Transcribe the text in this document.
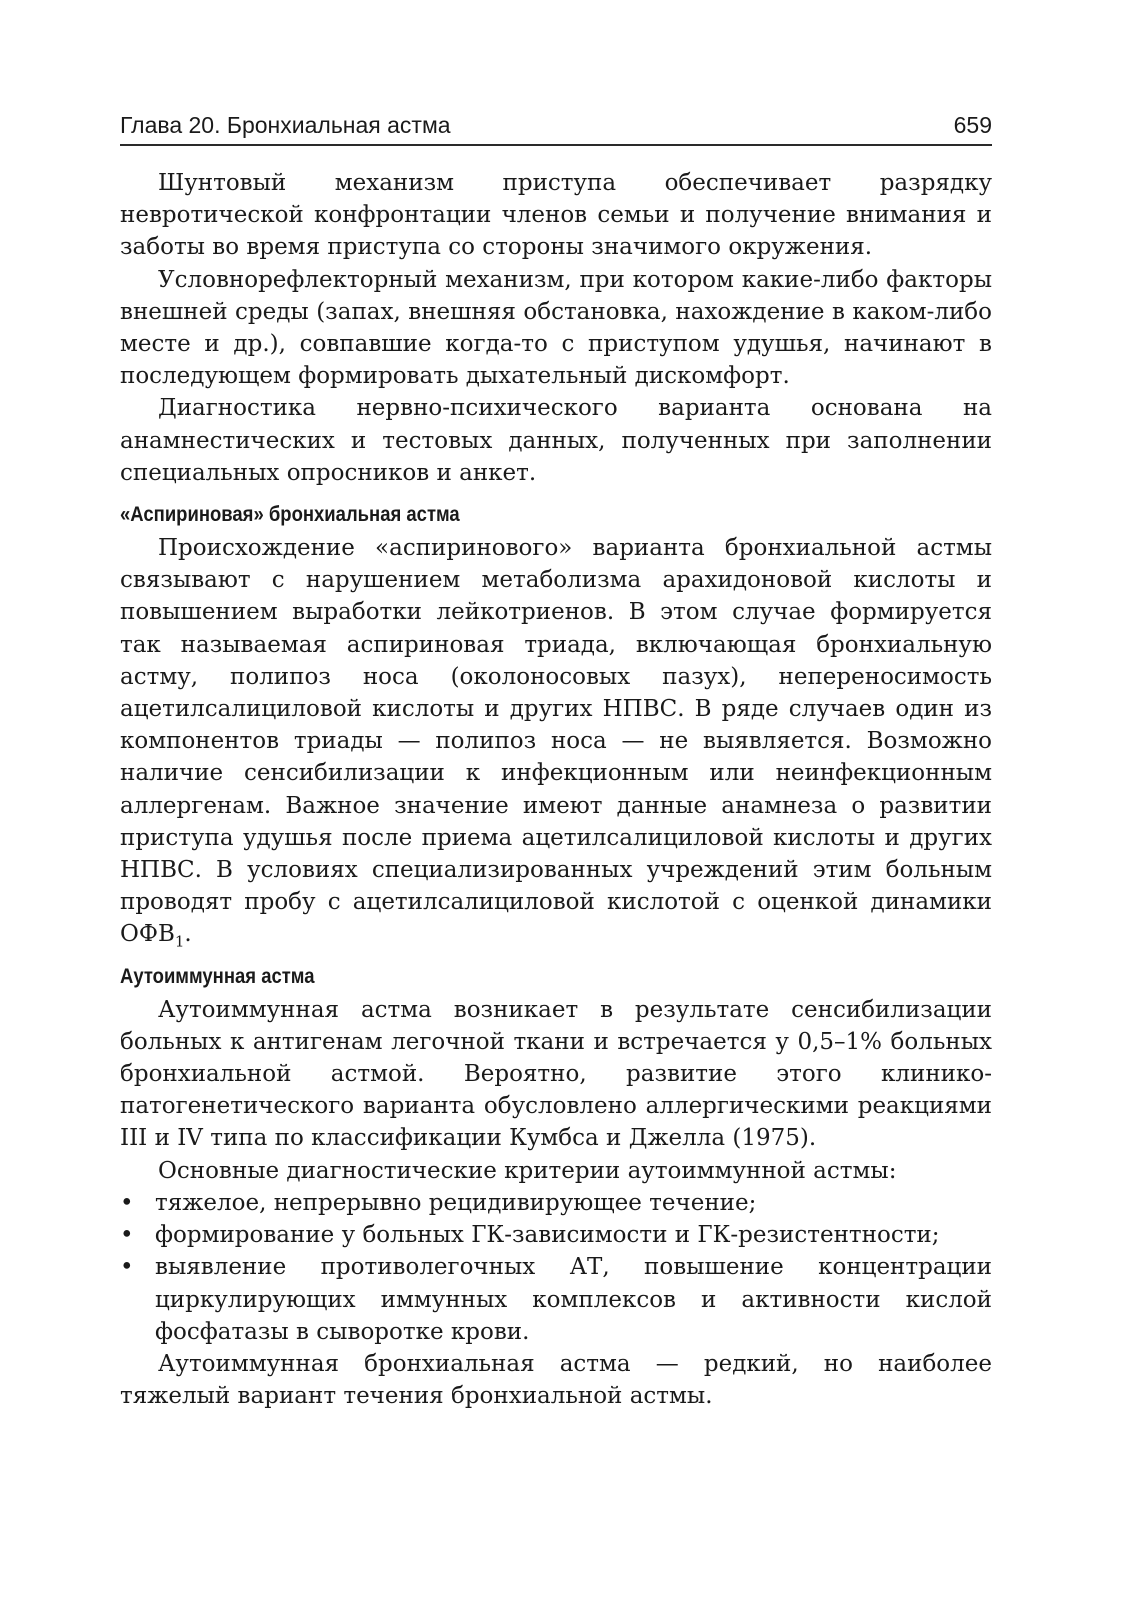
Глава 20. Бронхиальная астма	659

Шунтовый механизм приступа обеспечивает разрядку невротической конфронтации членов семьи и получение внимания и заботы во время приступа со стороны значимого окружения.

Условнорефлекторный механизм, при котором какие-либо факторы внешней среды (запах, внешняя обстановка, нахождение в каком-либо месте и др.), совпавшие когда-то с приступом удушья, начинают в последующем формировать дыхательный дискомфорт.

Диагностика нервно-психического варианта основана на анамнестических и тестовых данных, полученных при заполнении специальных опросников и анкет.

«Аспириновая» бронхиальная астма

Происхождение «аспиринового» варианта бронхиальной астмы связывают с нарушением метаболизма арахидоновой кислоты и повышением выработки лейкотриенов. В этом случае формируется так называемая аспириновая триада, включающая бронхиальную астму, полипоз носа (околоносовых пазух), непереносимость ацетилсалициловой кислоты и других НПВС. В ряде случаев один из компонентов триады — полипоз носа — не выявляется. Возможно наличие сенсибилизации к инфекционным или неинфекционным аллергенам. Важное значение имеют данные анамнеза о развитии приступа удушья после приема ацетилсалициловой кислоты и других НПВС. В условиях специализированных учреждений этим больным проводят пробу с ацетилсалициловой кислотой с оценкой динамики $ОФВ_1$.

Аутоиммунная астма

Аутоиммунная астма возникает в результате сенсибилизации больных к антигенам легочной ткани и встречается у 0,5–1% больных бронхиальной астмой. Вероятно, развитие этого клинико-патогенетического варианта обусловлено аллергическими реакциями III и IV типа по классификации Кумбса и Джелла (1975).

Основные диагностические критерии аутоиммунной астмы:

• тяжелое, непрерывно рецидивирующее течение;
• формирование у больных ГК-зависимости и ГК-резистентности;
• выявление противолегочных АТ, повышение концентрации циркулирующих иммунных комплексов и активности кислой фосфатазы в сыворотке крови.

Аутоиммунная бронхиальная астма — редкий, но наиболее тяжелый вариант течения бронхиальной астмы.
